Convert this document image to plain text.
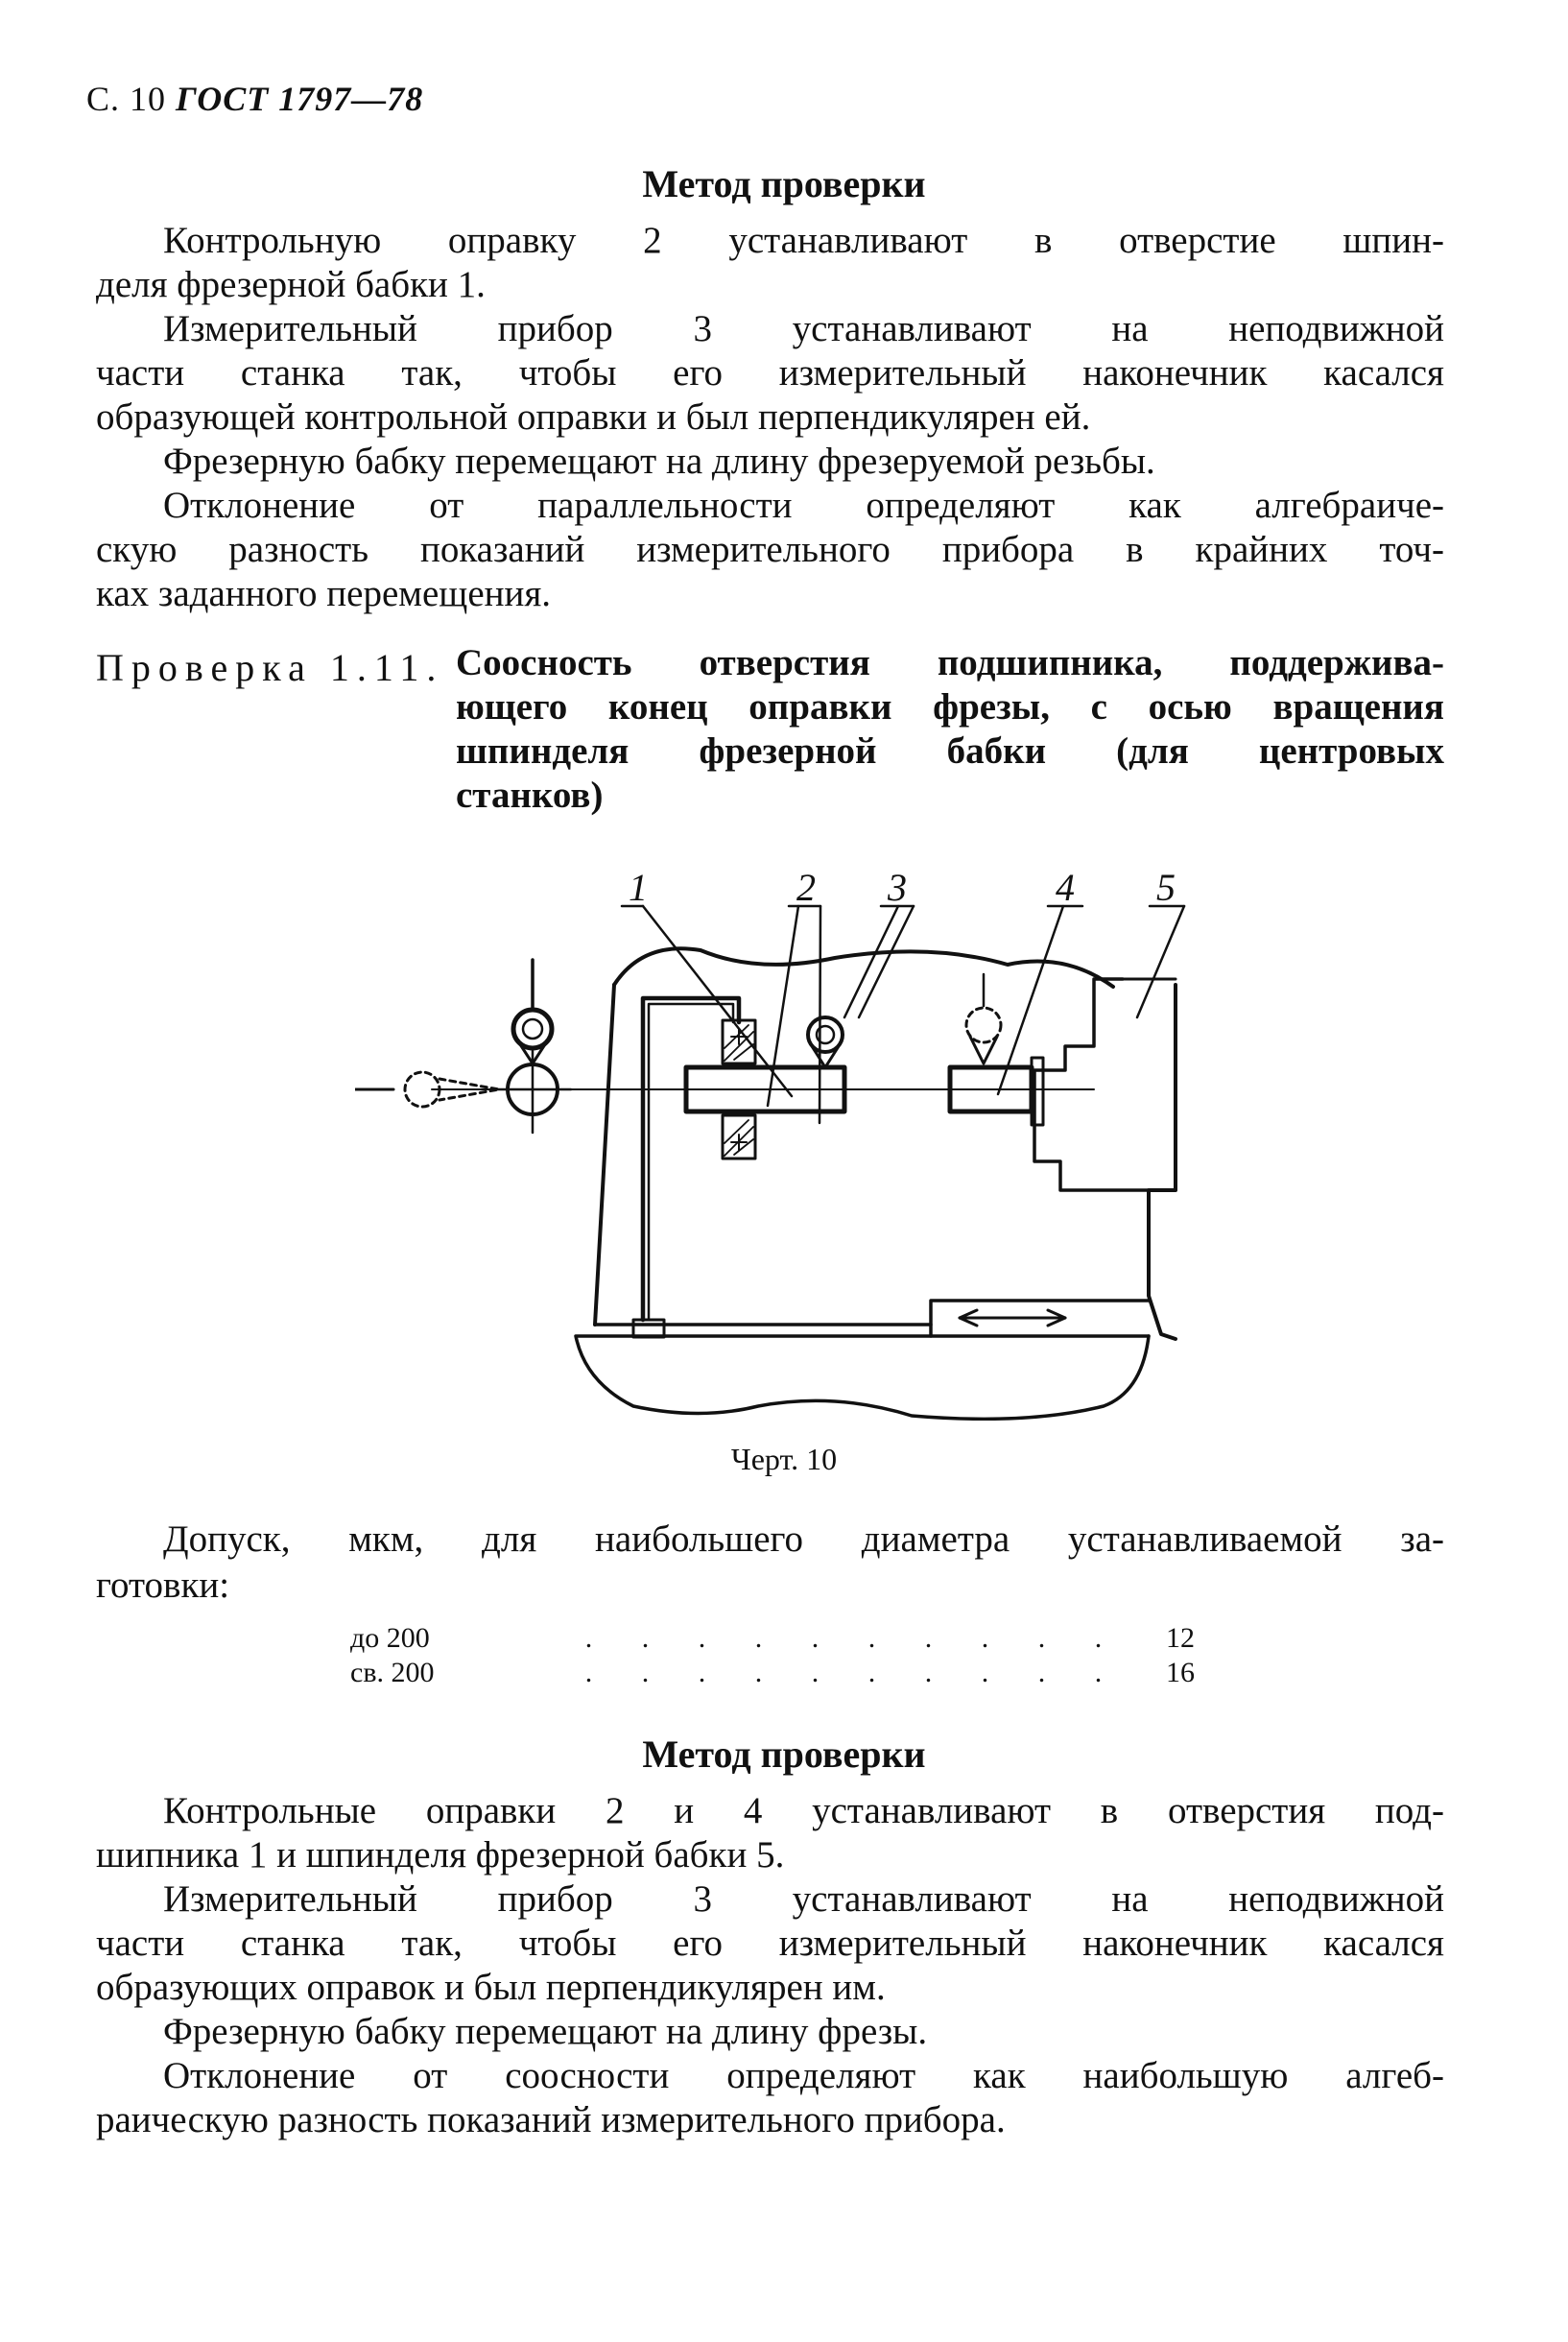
С. 10 ГОСТ 1797—78
Метод проверки
Контрольную оправку 2 устанавливают в отверстие шпин-
деля фрезерной бабки 1.
Измерительный прибор 3 устанавливают на неподвижной
части станка так, чтобы его измерительный наконечник касался
образующей контрольной оправки и был перпендикулярен ей.
Фрезерную бабку перемещают на длину фрезеруемой резьбы.
Отклонение от параллельности определяют как алгебраиче-
скую разность показаний измерительного прибора в крайних точ-
ках заданного перемещения.
Проверка 1.11. Соосность отверстия подшипника, поддержива-
ющего конец оправки фрезы, с осью вращения
шпинделя фрезерной бабки (для центровых
станков)
1	2 3	4 5
Черт. 10
Допуск, мкм, для наибольшего диаметра устанавливаемой за-
готовки:
до 200	. . . . . . . . . .	12
св. 200	. . . . . . . . . .	16
Метод проверки
Контрольные оправки 2 и 4 устанавливают в отверстия под-
шипника 1 и шпинделя фрезерной бабки 5.
Измерительный прибор 3 устанавливают на неподвижной
части станка так, чтобы его измерительный наконечник касался
образующих оправок и был перпендикулярен им.
Фрезерную бабку перемещают на длину фрезы.
Отклонение от соосности определяют как наибольшую алгеб-
раическую разность показаний измерительного прибора.
